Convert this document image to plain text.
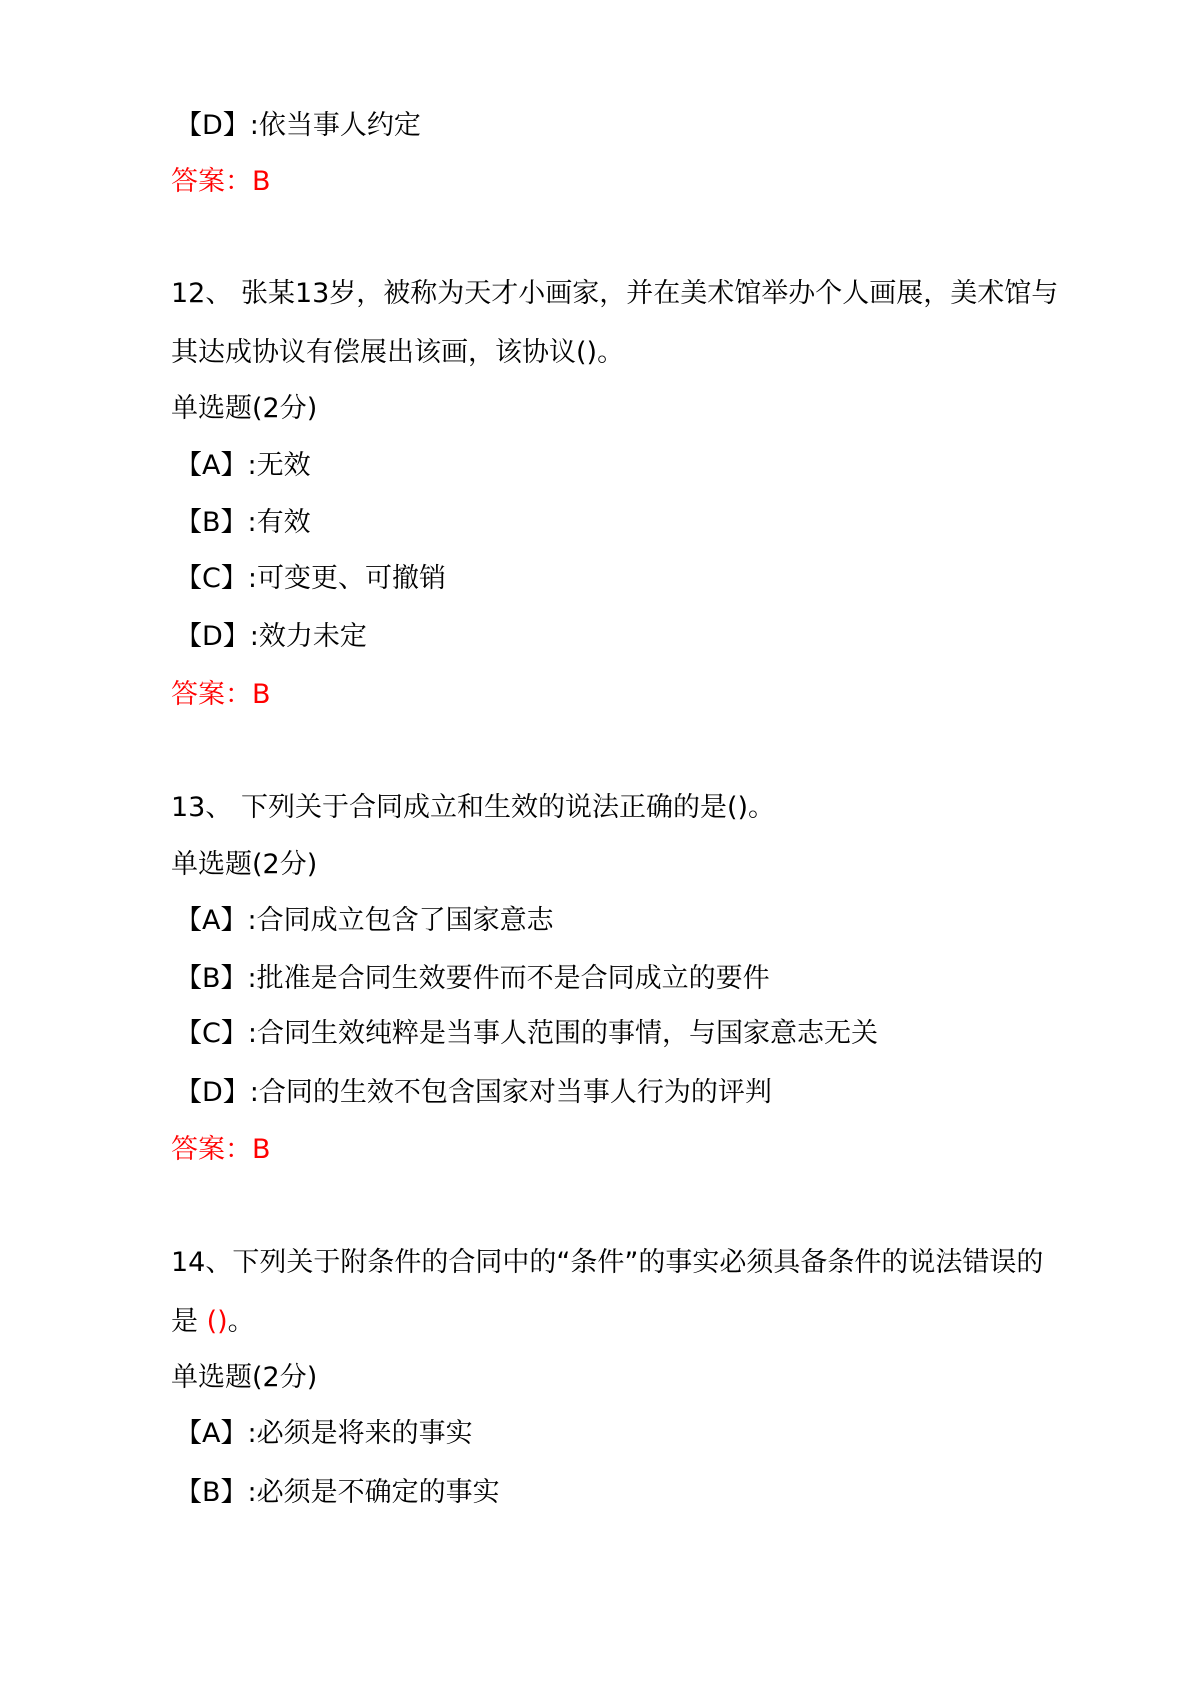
【D】:依当事人约定
答案：B
12、 张某13岁，被称为天才小画家，并在美术馆举办个人画展，美术馆与
其达成协议有偿展出该画，该协议()。
单选题(2分)
【A】:无效
【B】:有效
【C】:可变更、可撤销
【D】:效力未定
答案：B
13、 下列关于合同成立和生效的说法正确的是()。
单选题(2分)
【A】:合同成立包含了国家意志
【B】:批准是合同生效要件而不是合同成立的要件
【C】:合同生效纯粹是当事人范围的事情，与国家意志无关
【D】:合同的生效不包含国家对当事人行为的评判
答案：B
14、下列关于附条件的合同中的“条件”的事实必须具备条件的说法错误的
是 ()。
单选题(2分)
【A】:必须是将来的事实
【B】:必须是不确定的事实
